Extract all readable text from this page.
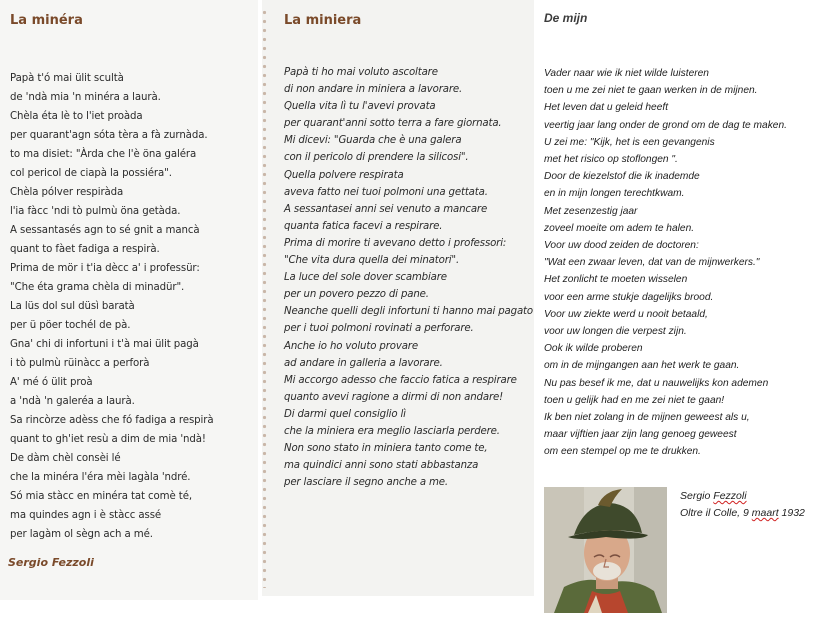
La minéra
Papà t'ó mai ülit scultà
de 'ndà mia 'n minéra a laurà.
Chèla éta lè to l'iet proàda
per quarant'agn sóta tèra a fà zurnàda.
to ma disiet: "Àrda che l'è öna galéra
col pericol de ciapà la possiéra".
Chèla pólver respiràda
l'ia fàcc 'ndi tò pulmù öna getàda.
A sessantasés agn to sé gnit a mancà
quant to fàet fadiga a respirà.
Prima de mör i t'ia dècc a' i professür:
"Che éta grama chèla di minadür".
La lüs dol sul düsì baratà
per ü pöer tochél de pà.
Gna' chi di infortuni i t'à mai ülit pagà
i tò pulmù rüinàcc a perforà
A' mé ó ülit proà
a 'ndà 'n galeréa a laurà.
Sa rincòrze adèss che fó fadiga a respirà
quant to gh'iet resù a dim de mia 'ndà!
De dàm chèl consèi lé
che la minéra l'éra mèi lagàla 'ndré.
Só mia stàcc en minéra tat comè té,
ma quindes agn i è stàcc assé
per lagàm ol sègn ach a mé.

Sergio Fezzoli

La miniera
Papà ti ho mai voluto ascoltare
di non andare in miniera a lavorare.
Quella vita lì tu l'avevi provata
per quarant'anni sotto terra a fare giornata.
Mi dicevi: "Guarda che è una galera
con il pericolo di prendere la silicosi".
Quella polvere respirata
aveva fatto nei tuoi polmoni una gettata.
A sessantasei anni sei venuto a mancare
quanta fatica facevi a respirare.
Prima di morire ti avevano detto i professori:
"Che vita dura quella dei minatori".
La luce del sole dover scambiare
per un povero pezzo di pane.
Neanche quelli degli infortuni ti hanno mai pagato
per i tuoi polmoni rovinati a perforare.
Anche io ho voluto provare
ad andare in galleria a lavorare.
Mi accorgo adesso che faccio fatica a respirare
quanto avevi ragione a dirmi di non andare!
Di darmi quel consiglio lì
che la miniera era meglio lasciarla perdere.
Non sono stato in miniera tanto come te,
ma quindici anni sono stati abbastanza
per lasciare il segno anche a me.
De mijn
Vader naar wie ik niet wilde luisteren
toen u me zei niet te gaan werken in de mijnen.
Het leven dat u geleid heeft
veertig jaar lang onder de grond om de dag te maken.
U zei me: "Kijk, het is een gevangenis
met het risico op stoflongen ".
Door de kiezelstof die ik inademde
en in mijn longen terechtkwam.
Met zesenzestig jaar
zoveel moeite om adem te halen.
Voor uw dood zeiden de doctoren:
"Wat een zwaar leven, dat van de mijnwerkers."
Het zonlicht te moeten wisselen
voor een arme stukje dagelijks brood.
Voor uw ziekte werd u nooit betaald,
voor uw longen die verpest zijn.
Ook ik wilde proberen
om in de mijngangen aan het werk te gaan.
Nu pas besef ik me, dat u nauwelijks kon ademen
toen u gelijk had en me zei niet te gaan!
Ik ben niet zolang in de mijnen geweest als u,
maar vijftien jaar zijn lang genoeg geweest
om een stempel op me te drukken.
Sergio Fezzoli
Oltre il Colle, 9 maart 1932
